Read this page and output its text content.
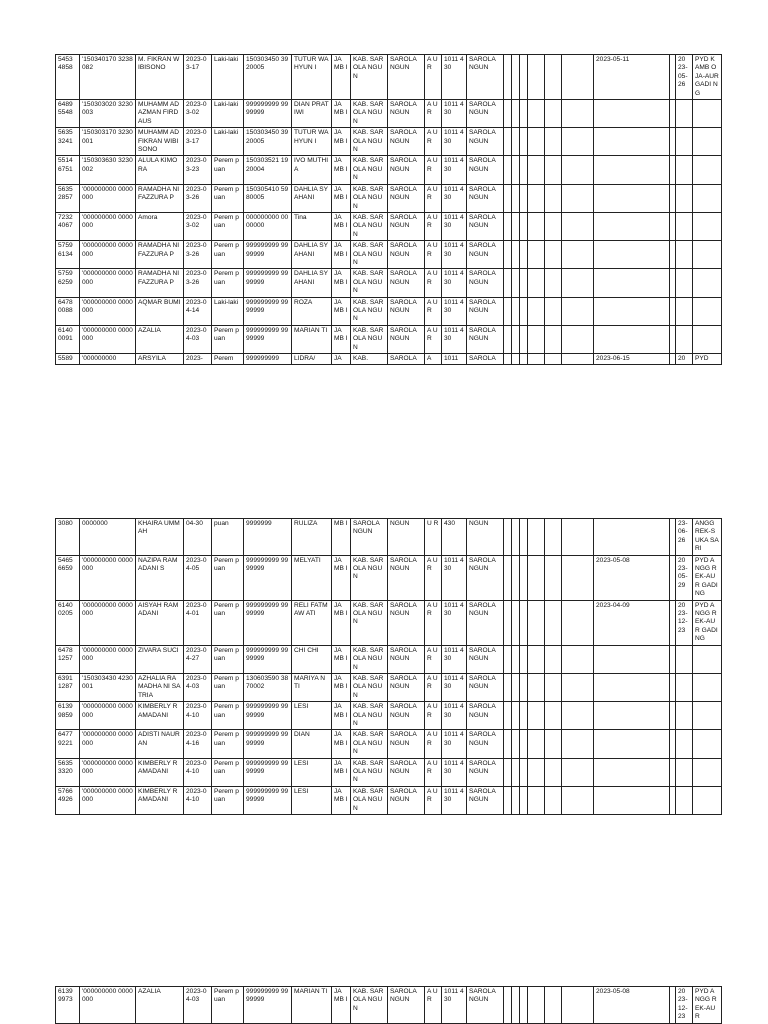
5453 4858	'150340170 3238082	M. FIKRAN WIBISONO	2023-03-17	Laki-laki	150303450 3920005	TUTUR WAHYUN I	JA MB I	KAB. SAROLA NGUN	SAROLA NGUN	A U R	1011 430	SAROLA NGUN							2023-05-11		20 23-05-26	PYD KAMB OJA-AUR GADI NG
6489 5548	'150303020 3230003	MUHAMM AD AZMAN FIRDAUS	2023-03-02	Laki-laki	999999999 9999999	DIAN PRATIWI	JA MB I	KAB. SAROLA NGUN	SAROLA NGUN	A U R	1011 430	SAROLA NGUN										
5635 3241	'150303170 3230001	MUHAMM AD FIKRAN WIBISONO	2023-03-17	Laki-laki	150303450 3920005	TUTUR WAHYUN I	JA MB I	KAB. SAROLA NGUN	SAROLA NGUN	A U R	1011 430	SAROLA NGUN										
5514 6751	'150303630 3230002	ALULA KIMORA	2023-03-23	Perem puan	150303521 1920004	IVO MUTHIA	JA MB I	KAB. SAROLA NGUN	SAROLA NGUN	A U R	1011 430	SAROLA NGUN										
5635 2857	'000000000 0000000	RAMADHA NI FAZZURA P	2023-03-26	Perem puan	150305410 5980005	DAHLIA SYAHANI	JA MB I	KAB. SAROLA NGUN	SAROLA NGUN	A U R	1011 430	SAROLA NGUN										
7232 4067	'000000000 0000000	Amora	2023-03-02	Perem puan	000000000 0000000	Tina	JA MB I	KAB. SAROLA NGUN	SAROLA NGUN	A U R	1011 430	SAROLA NGUN										
5759 6134	'000000000 0000000	RAMADHA NI FAZZURA P	2023-03-26	Perem puan	999999999 9999999	DAHLIA SYAHANI	JA MB I	KAB. SAROLA NGUN	SAROLA NGUN	A U R	1011 430	SAROLA NGUN										
5759 6259	'000000000 0000000	RAMADHA NI FAZZURA P	2023-03-26	Perem puan	999999999 9999999	DAHLIA SYAHANI	JA MB I	KAB. SAROLA NGUN	SAROLA NGUN	A U R	1011 430	SAROLA NGUN										
6478 0088	'000000000 0000000	AQMAR BUMI	2023-04-14	Laki-laki	999999999 9999999	ROZA	JA MB I	KAB. SAROLA NGUN	SAROLA NGUN	A U R	1011 430	SAROLA NGUN										
6140 0091	'000000000 0000000	AZALIA	2023-04-03	Perem puan	999999999 9999999	MARIAN TI	JA MB I	KAB. SAROLA NGUN	SAROLA NGUN	A U R	1011 430	SAROLA NGUN										
5589	'000000000	ARSYILA	2023-	Perem	999999999	LIDRA/	JA	KAB.	SAROLA	A	1011	SAROLA							2023-06-15		20	PYD
3080	0000000	KHAIRA UMMAH	04-30	puan	9999999	RULIZA	MB I	SAROLA NGUN	NGUN	U R	430	NGUN									23-06-26	ANGG REK-SUKA SARI
5465 6659	'000000000 0000000	NAZIPA RAMADANI S	2023-04-05	Perem puan	999999999 9999999	MELYATI	JA MB I	KAB. SAROLA NGUN	SAROLA NGUN	A U R	1011 430	SAROLA NGUN							2023-05-08		20 23-05-29	PYD ANGG REK-AUR GADI NG
6140 0205	'000000000 0000000	AISYAH RAMADANI	2023-04-01	Perem puan	999999999 9999999	RELI FATMAW ATI	JA MB I	KAB. SAROLA NGUN	SAROLA NGUN	A U R	1011 430	SAROLA NGUN							2023-04-09		20 23-12-23	PYD ANGG REK-AUR GADI NG
6478 1257	'000000000 0000000	ZIVARA SUCI	2023-04-27	Perem puan	999999999 9999999	CHI CHI	JA MB I	KAB. SAROLA NGUN	SAROLA NGUN	A U R	1011 430	SAROLA NGUN										
6391 1287	'150303430 4230001	AZHALIA RAMADHA NI SATRIA	2023-04-03	Perem puan	130603590 3870002	MARIYA NTI	JA MB I	KAB. SAROLA NGUN	SAROLA NGUN	A U R	1011 430	SAROLA NGUN										
6139 9859	'000000000 0000000	KIMBERLY RAMADANI	2023-04-10	Perem puan	999999999 9999999	LESI	JA MB I	KAB. SAROLA NGUN	SAROLA NGUN	A U R	1011 430	SAROLA NGUN										
6477 9221	'000000000 0000000	ADISTI NAURAN	2023-04-16	Perem puan	999999999 9999999	DIAN	JA MB I	KAB. SAROLA NGUN	SAROLA NGUN	A U R	1011 430	SAROLA NGUN										
5635 3320	'000000000 0000000	KIMBERLY RAMADANI	2023-04-10	Perem puan	999999999 9999999	LESI	JA MB I	KAB. SAROLA NGUN	SAROLA NGUN	A U R	1011 430	SAROLA NGUN										
5766 4926	'000000000 0000000	KIMBERLY RAMADANI	2023-04-10	Perem puan	999999999 9999999	LESI	JA MB I	KAB. SAROLA NGUN	SAROLA NGUN	A U R	1011 430	SAROLA NGUN										
6139 9973	'000000000 0000000	AZALIA	2023-04-03	Perem puan	999999999 9999999	MARIAN TI	JA MB I	KAB. SAROLA NGUN	SAROLA NGUN	A U R	1011 430	SAROLA NGUN							2023-05-08		20 23-12-23	PYD ANGG REK-AUR
